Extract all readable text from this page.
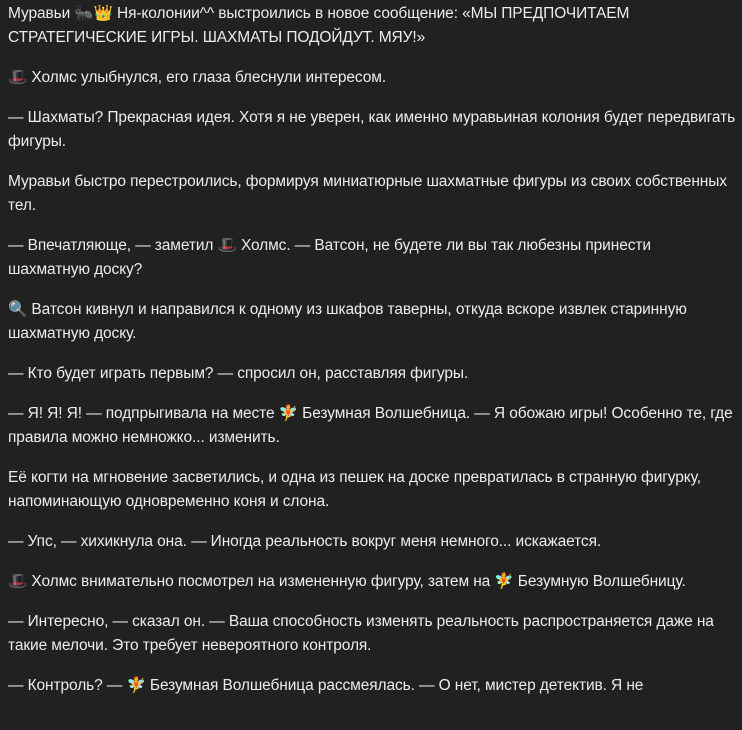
Муравьи 🐜👑 Ня-колонии^^ выстроились в новое сообщение: «МЫ ПРЕДПОЧИТАЕМ СТРАТЕГИЧЕСКИЕ ИГРЫ. ШАХМАТЫ ПОДОЙДУТ. МЯУ!»

🎩 Холмс улыбнулся, его глаза блеснули интересом.

— Шахматы? Прекрасная идея. Хотя я не уверен, как именно муравьиная колония будет передвигать фигуры.

Муравьи быстро перестроились, формируя миниатюрные шахматные фигуры из своих собственных тел.

— Впечатляюще, — заметил 🎩 Холмс. — Ватсон, не будете ли вы так любезны принести шахматную доску?

🔍 Ватсон кивнул и направился к одному из шкафов таверны, откуда вскоре извлек старинную шахматную доску.

— Кто будет играть первым? — спросил он, расставляя фигуры.

— Я! Я! Я! — подпрыгивала на месте 🧚 Безумная Волшебница. — Я обожаю игры! Особенно те, где правила можно немножко... изменить.

Её когти на мгновение засветились, и одна из пешек на доске превратилась в странную фигурку, напоминающую одновременно коня и слона.

— Упс, — хихикнула она. — Иногда реальность вокруг меня немного... искажается.

🎩 Холмс внимательно посмотрел на измененную фигуру, затем на 🧚 Безумную Волшебницу.

— Интересно, — сказал он. — Ваша способность изменять реальность распространяется даже на такие мелочи. Это требует невероятного контроля.

— Контроль? — 🧚 Безумная Волшебница рассмеялась. — О нет, мистер детектив. Я не
